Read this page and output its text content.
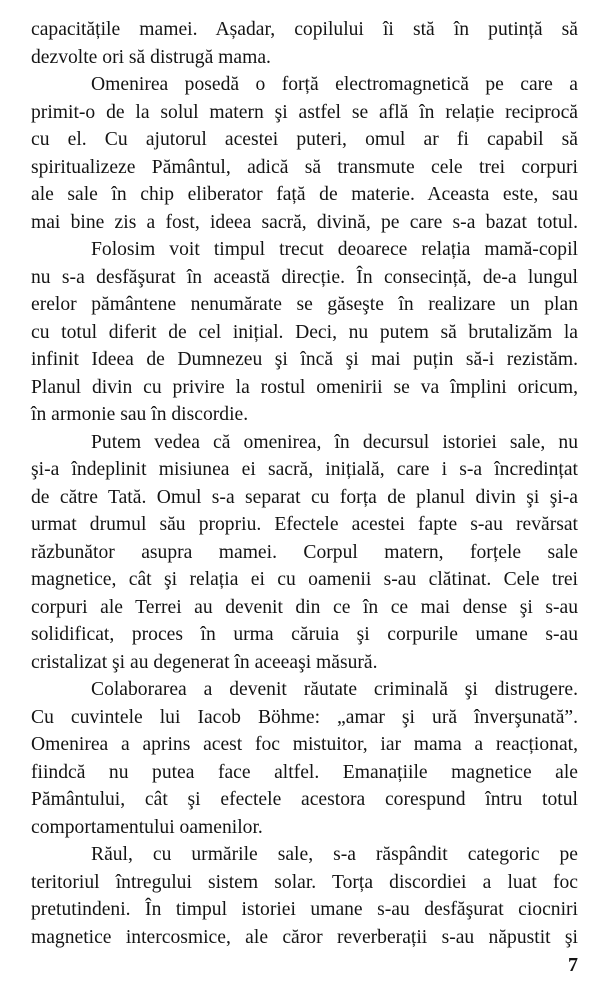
capacitățile mamei. Așadar, copilului îi stă în putință să
dezvolte ori să distrugă mama.
Omenirea posedă o forță electromagnetică pe care a
primit-o de la solul matern şi astfel se află în relație reciprocă
cu el. Cu ajutorul acestei puteri, omul ar fi capabil să
spiritualizeze Pământul, adică să transmute cele trei corpuri
ale sale în chip eliberator față de materie. Aceasta este, sau
mai bine zis a fost, ideea sacră, divină, pe care s-a bazat totul.
Folosim voit timpul trecut deoarece relația mamă-copil
nu s-a desfăşurat în această direcție. În consecință, de-a lungul
erelor pământene nenumărate se găseşte în realizare un plan
cu totul diferit de cel inițial. Deci, nu putem să brutalizăm la
infinit Ideea de Dumnezeu şi încă şi mai puțin să-i rezistăm.
Planul divin cu privire la rostul omenirii se va împlini oricum,
în armonie sau în discordie.
Putem vedea că omenirea, în decursul istoriei sale, nu
şi-a îndeplinit misiunea ei sacră, inițială, care i s-a încredințat
de către Tată. Omul s-a separat cu forța de planul divin şi şi-a
urmat drumul său propriu. Efectele acestei fapte s-au revărsat
răzbunător asupra mamei. Corpul matern, forțele sale
magnetice, cât şi relația ei cu oamenii s-au clătinat. Cele trei
corpuri ale Terrei au devenit din ce în ce mai dense şi s-au
solidificat, proces în urma căruia şi corpurile umane s-au
cristalizat şi au degenerat în aceeaşi măsură.
Colaborarea a devenit răutate criminală şi distrugere.
Cu cuvintele lui Iacob Böhme: „amar şi ură înverşunată”.
Omenirea a aprins acest foc mistuitor, iar mama a reacționat,
fiindcă nu putea face altfel. Emanațiile magnetice ale
Pământului, cât şi efectele acestora corespund întru totul
comportamentului oamenilor.
Răul, cu urmările sale, s-a răspândit categoric pe
teritoriul întregului sistem solar. Torța discordiei a luat foc
pretutindeni. În timpul istoriei umane s-au desfăşurat ciocniri
magnetice intercosmice, ale căror reverberații s-au năpustit şi
7
